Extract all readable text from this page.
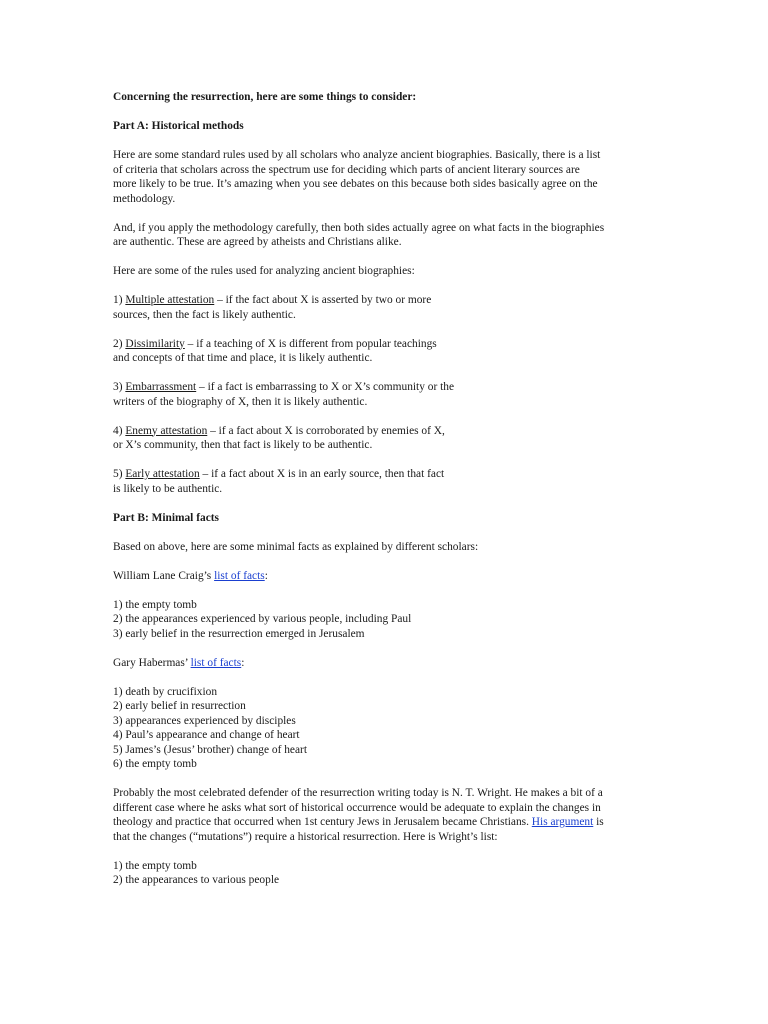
Concerning the resurrection, here are some things to consider:
Part A: Historical methods
Here are some standard rules used by all scholars who analyze ancient biographies. Basically, there is a list
of criteria that scholars across the spectrum use for deciding which parts of ancient literary sources are
more likely to be true. It’s amazing when you see debates on this because both sides basically agree on the
methodology.
And, if you apply the methodology carefully, then both sides actually agree on what facts in the biographies
are authentic. These are agreed by atheists and Christians alike.
Here are some of the rules used for analyzing ancient biographies:
1) Multiple attestation – if the fact about X is asserted by two or more
sources, then the fact is likely authentic.
2) Dissimilarity – if a teaching of X is different from popular teachings
and concepts of that time and place, it is likely authentic.
3) Embarrassment – if a fact is embarrassing to X or X’s community or the
writers of the biography of X, then it is likely authentic.
4) Enemy attestation – if a fact about X is corroborated by enemies of X,
or X’s community, then that fact is likely to be authentic.
5) Early attestation – if a fact about X is in an early source, then that fact
is likely to be authentic.
Part B: Minimal facts
Based on above, here are some minimal facts as explained by different scholars:
William Lane Craig’s list of facts:
1) the empty tomb
2) the appearances experienced by various people, including Paul
3) early belief in the resurrection emerged in Jerusalem
Gary Habermas’ list of facts:
1) death by crucifixion
2) early belief in resurrection
3) appearances experienced by disciples
4) Paul’s appearance and change of heart
5) James’s (Jesus’ brother) change of heart
6) the empty tomb
Probably the most celebrated defender of the resurrection writing today is N. T. Wright. He makes a bit of a
different case where he asks what sort of historical occurrence would be adequate to explain the changes in
theology and practice that occurred when 1st century Jews in Jerusalem became Christians. His argument is
that the changes (“mutations”) require a historical resurrection. Here is Wright’s list:
1) the empty tomb
2) the appearances to various people
